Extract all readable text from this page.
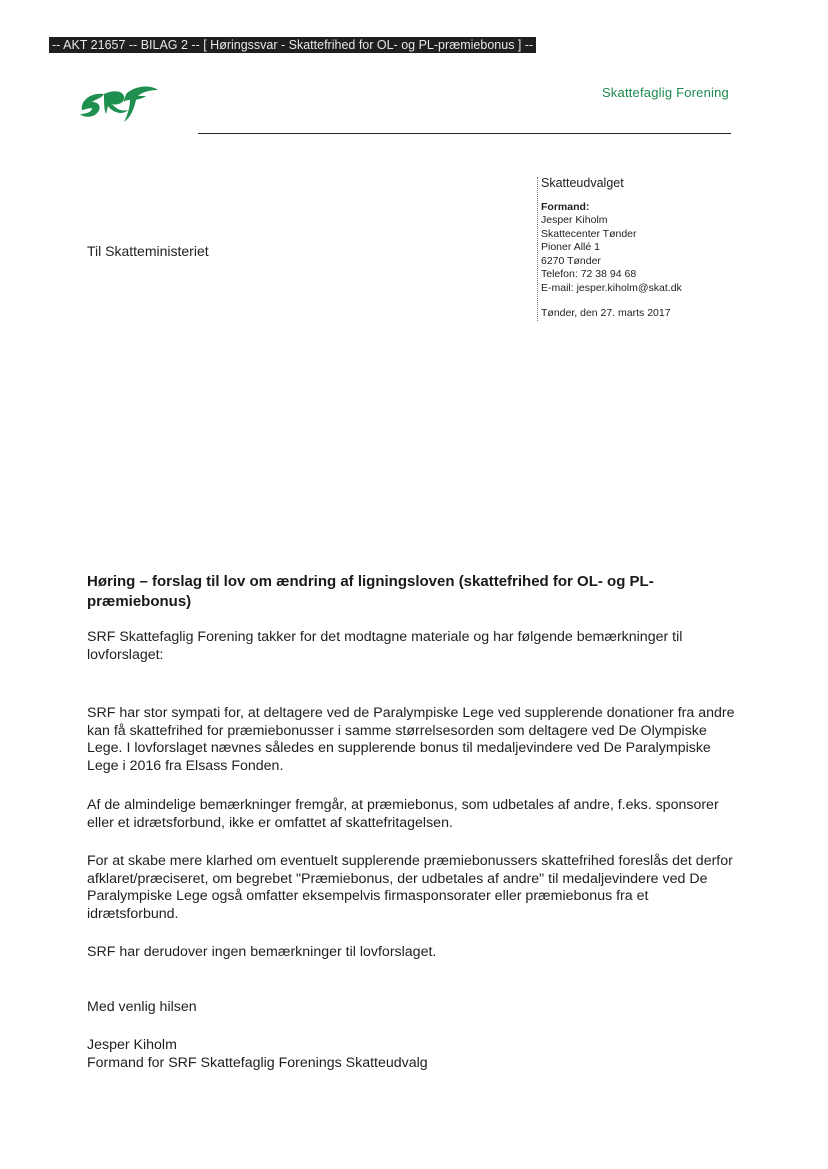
-- AKT 21657 -- BILAG 2 -- [ Høringssvar - Skattefrihed for OL- og PL-præmiebonus ] --
Skattefaglig Forening
Skatteudvalget
Formand:
Jesper Kiholm
Skattecenter Tønder
Pioner Allé 1
6270 Tønder
Telefon: 72 38 94 68
E-mail: jesper.kiholm@skat.dk
Tønder, den 27. marts 2017
Til Skatteministeriet
Høring – forslag til lov om ændring af ligningsloven (skattefrihed for OL- og PL-præmiebonus)
SRF Skattefaglig Forening takker for det modtagne materiale og har følgende bemærkninger til lovforslaget:
SRF har stor sympati for, at deltagere ved de Paralympiske Lege ved supplerende donationer fra andre kan få skattefrihed for præmiebonusser i samme størrelsesorden som deltagere ved De Olympiske Lege. I lovforslaget nævnes således en supplerende bonus til medaljevindere ved De Paralympiske Lege i 2016 fra Elsass Fonden.
Af de almindelige bemærkninger fremgår, at præmiebonus, som udbetales af andre, f.eks. sponsorer eller et idrætsforbund, ikke er omfattet af skattefritagelsen.
For at skabe mere klarhed om eventuelt supplerende præmiebonussers skattefrihed foreslås det derfor afklaret/præciseret, om begrebet "Præmiebonus, der udbetales af andre" til medaljevindere ved De Paralympiske Lege også omfatter eksempelvis firmasponsorater eller præmiebonus fra et idrætsforbund.
SRF har derudover ingen bemærkninger til lovforslaget.
Med venlig hilsen
Jesper Kiholm
Formand for SRF Skattefaglig Forenings Skatteudvalg
